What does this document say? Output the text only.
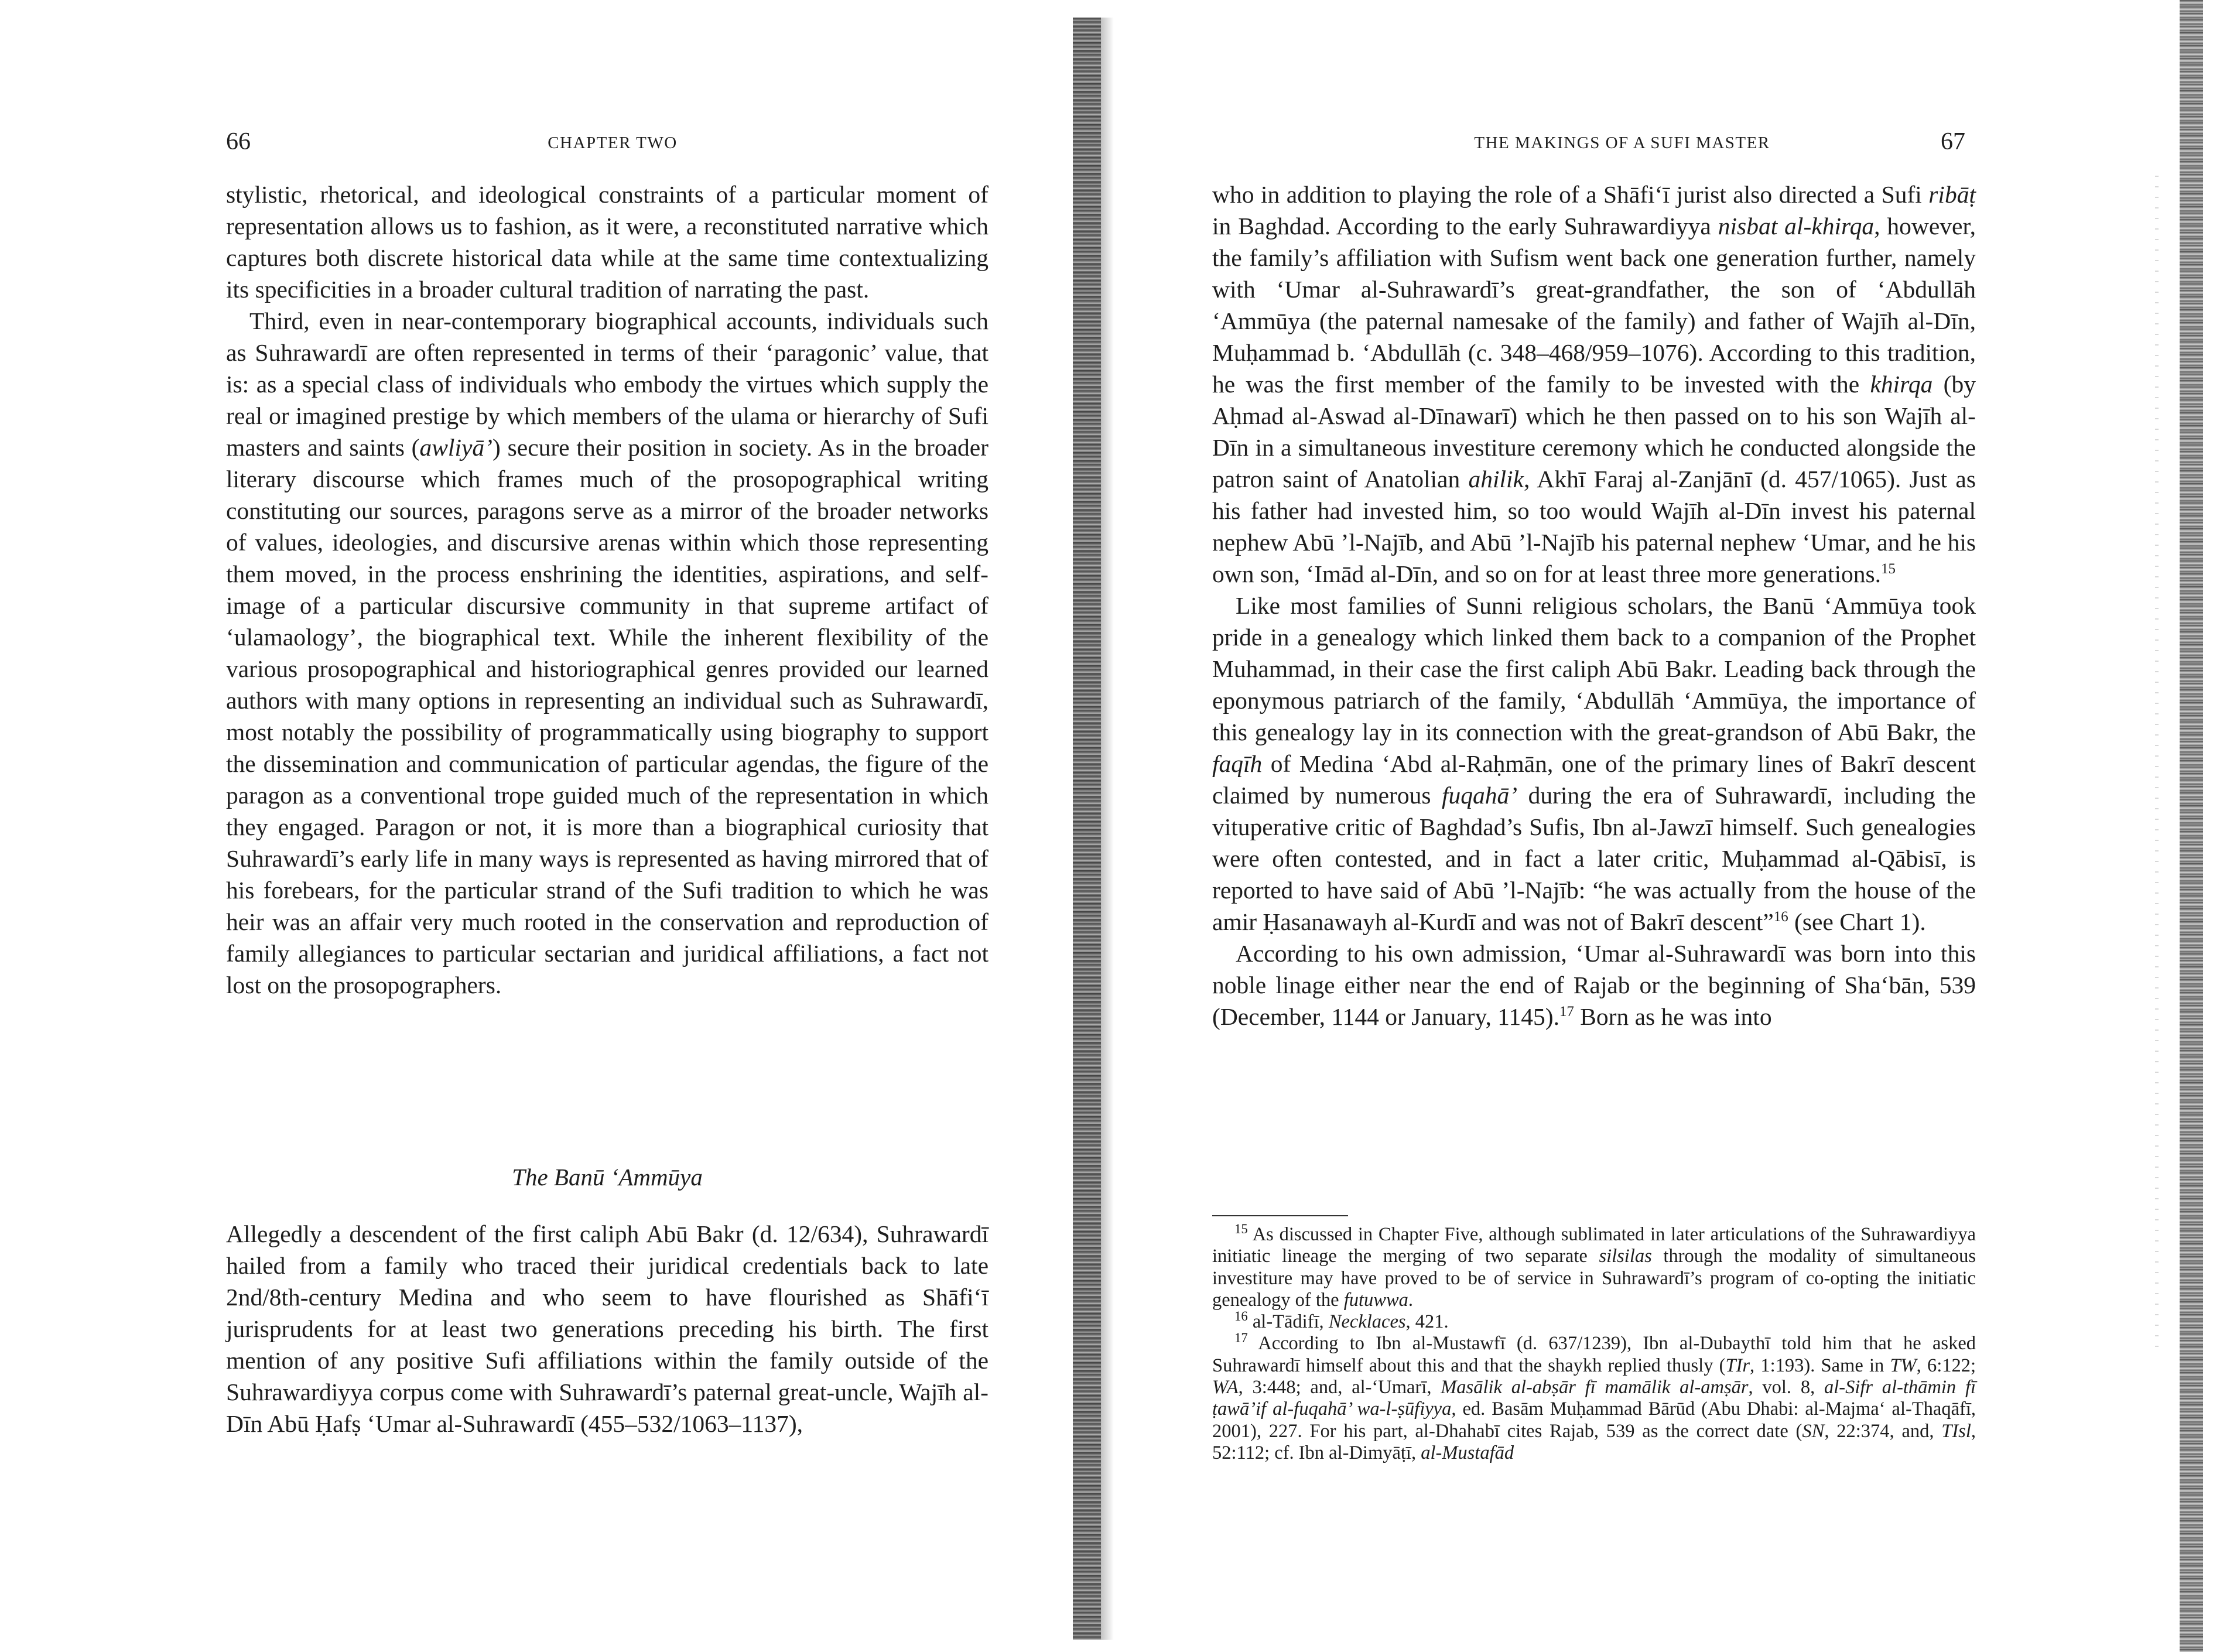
66	CHAPTER TWO

stylistic, rhetorical, and ideological constraints of a particular moment of representation allows us to fashion, as it were, a reconstituted narrative which captures both discrete historical data while at the same time contextualizing its specificities in a broader cultural tradition of narrating the past.

Third, even in near-contemporary biographical accounts, individuals such as Suhrawardī are often represented in terms of their ‘paragonic’ value, that is: as a special class of individuals who embody the virtues which supply the real or imagined prestige by which members of the ulama or hierarchy of Sufi masters and saints (awliyā’) secure their position in society. As in the broader literary discourse which frames much of the prosopographical writing constituting our sources, paragons serve as a mirror of the broader networks of values, ideologies, and discursive arenas within which those representing them moved, in the process enshrining the identities, aspirations, and self-image of a particular discursive community in that supreme artifact of ‘ulamaology’, the biographical text. While the inherent flexibility of the various prosopographical and historiographical genres provided our learned authors with many options in representing an individual such as Suhrawardī, most notably the possibility of programmatically using biography to support the dissemination and communication of particular agendas, the figure of the paragon as a conventional trope guided much of the representation in which they engaged. Paragon or not, it is more than a biographical curiosity that Suhrawardī’s early life in many ways is represented as having mirrored that of his forebears, for the particular strand of the Sufi tradition to which he was heir was an affair very much rooted in the conservation and reproduction of family allegiances to particular sectarian and juridical affiliations, a fact not lost on the prosopographers.

The Banū ‘Ammūya

Allegedly a descendent of the first caliph Abū Bakr (d. 12/634), Suhrawardī hailed from a family who traced their juridical credentials back to late 2nd/8th-century Medina and who seem to have flourished as Shāfi‘ī jurisprudents for at least two generations preceding his birth. The first mention of any positive Sufi affiliations within the family outside of the Suhrawardiyya corpus come with Suhrawardī’s paternal great-uncle, Wajīh al-Dīn Abū Ḥafṣ ‘Umar al-Suhrawardī (455–532/1063–1137),

THE MAKINGS OF A SUFI MASTER	67

who in addition to playing the role of a Shāfi‘ī jurist also directed a Sufi ribāṭ in Baghdad. According to the early Suhrawardiyya nisbat al-khirqa, however, the family’s affiliation with Sufism went back one generation further, namely with ‘Umar al-Suhrawardī’s great-grandfather, the son of ‘Abdullāh ‘Ammūya (the paternal namesake of the family) and father of Wajīh al-Dīn, Muḥammad b. ‘Abdullāh (c. 348–468/959–1076). According to this tradition, he was the first member of the family to be invested with the khirqa (by Aḥmad al-Aswad al-Dīnawarī) which he then passed on to his son Wajīh al-Dīn in a simultaneous investiture ceremony which he conducted alongside the patron saint of Anatolian ahilik, Akhī Faraj al-Zanjānī (d. 457/1065). Just as his father had invested him, so too would Wajīh al-Dīn invest his paternal nephew Abū ’l-Najīb, and Abū ’l-Najīb his paternal nephew ‘Umar, and he his own son, ‘Imād al-Dīn, and so on for at least three more generations.$^{15}$

Like most families of Sunni religious scholars, the Banū ‘Ammūya took pride in a genealogy which linked them back to a companion of the Prophet Muhammad, in their case the first caliph Abū Bakr. Leading back through the eponymous patriarch of the family, ‘Abdullāh ‘Ammūya, the importance of this genealogy lay in its connection with the great-grandson of Abū Bakr, the faqīh of Medina ‘Abd al-Raḥmān, one of the primary lines of Bakrī descent claimed by numerous fuqahā’ during the era of Suhrawardī, including the vituperative critic of Baghdad’s Sufis, Ibn al-Jawzī himself. Such genealogies were often contested, and in fact a later critic, Muḥammad al-Qābisī, is reported to have said of Abū ’l-Najīb: “he was actually from the house of the amir Ḥasanawayh al-Kurdī and was not of Bakrī descent”$^{16}$ (see Chart 1).

According to his own admission, ‘Umar al-Suhrawardī was born into this noble linage either near the end of Rajab or the beginning of Sha‘bān, 539 (December, 1144 or January, 1145).$^{17}$ Born as he was into

$^{15}$ As discussed in Chapter Five, although sublimated in later articulations of the Suhrawardiyya initiatic lineage the merging of two separate silsilas through the modality of simultaneous investiture may have proved to be of service in Suhrawardī’s program of co-opting the initiatic genealogy of the futuwwa.

$^{16}$ al-Tādifī, Necklaces, 421.

$^{17}$ According to Ibn al-Mustawfī (d. 637/1239), Ibn al-Dubaythī told him that he asked Suhrawardī himself about this and that the shaykh replied thusly (TIr, 1:193). Same in TW, 6:122; WA, 3:448; and, al-‘Umarī, Masālik al-abṣār fī mamālik al-amṣār, vol. 8, al-Sifr al-thāmin fī ṭawā’if al-fuqahā’ wa-l-ṣūfiyya, ed. Basām Muḥammad Bārūd (Abu Dhabi: al-Majma‘ al-Thaqāfī, 2001), 227. For his part, al-Dhahabī cites Rajab, 539 as the correct date (SN, 22:374, and, TIsl, 52:112; cf. Ibn al-Dimyāṭī, al-Mustafād
